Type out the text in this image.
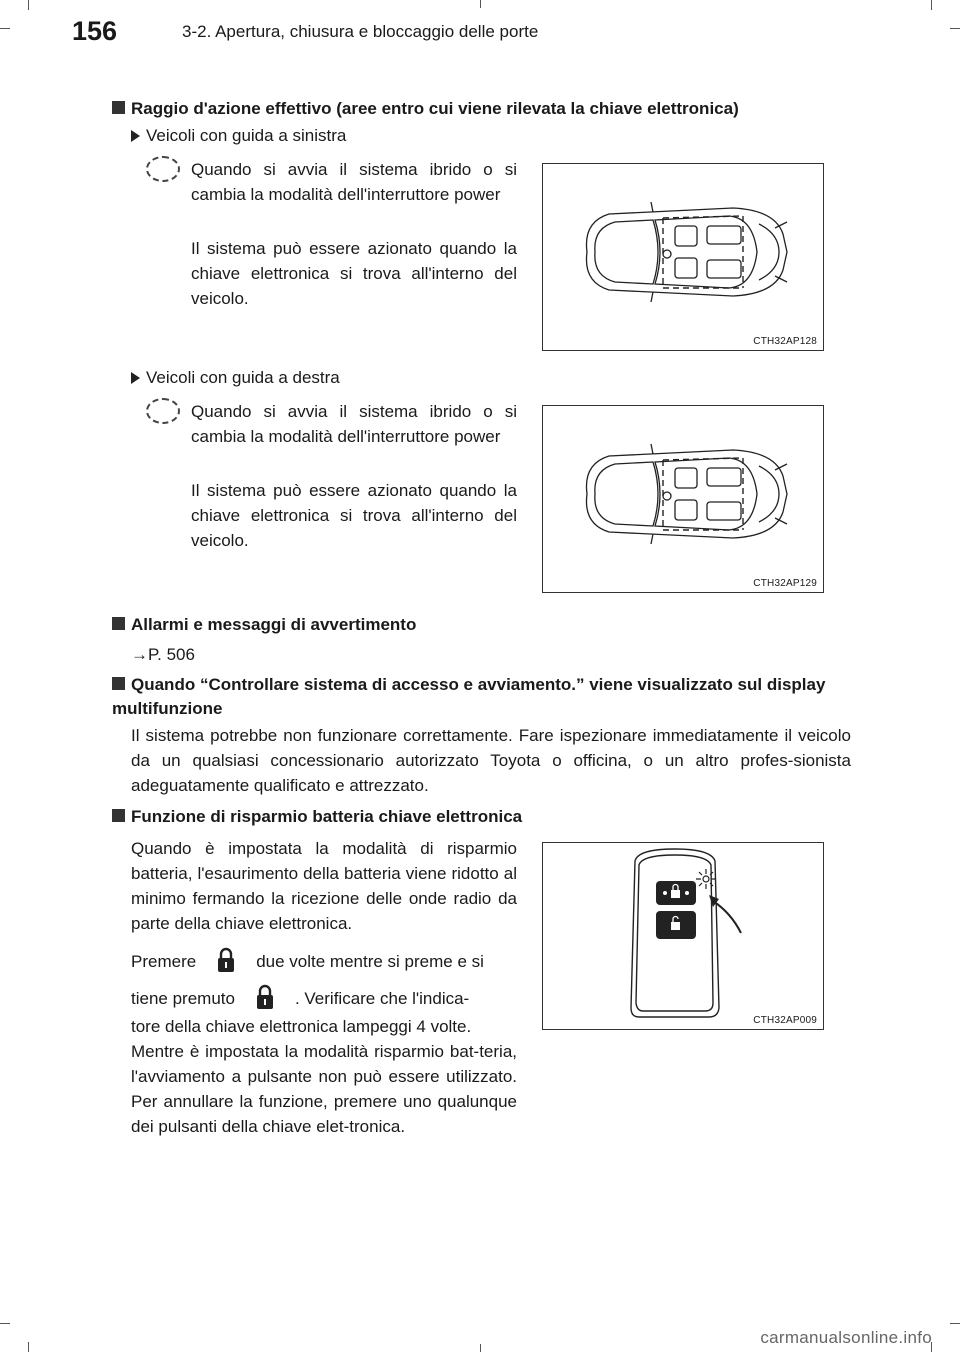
156	3-2. Apertura, chiusura e bloccaggio delle porte
Raggio d'azione effettivo (aree entro cui viene rilevata la chiave elettronica)
Veicoli con guida a sinistra
Quando si avvia il sistema ibrido o si cambia la modalità dell'interruttore power
Il sistema può essere azionato quando la chiave elettronica si trova all'interno del veicolo.
CTH32AP128
Veicoli con guida a destra
Quando si avvia il sistema ibrido o si cambia la modalità dell'interruttore power
Il sistema può essere azionato quando la chiave elettronica si trova all'interno del veicolo.
CTH32AP129
Allarmi e messaggi di avvertimento
→P. 506
Quando “Controllare sistema di accesso e avviamento.” viene visualizzato sul display multifunzione
Il sistema potrebbe non funzionare correttamente. Fare ispezionare immediatamente il veicolo da un qualsiasi concessionario autorizzato Toyota o officina, o un altro profes-sionista adeguatamente qualificato e attrezzato.
Funzione di risparmio batteria chiave elettronica
Quando è impostata la modalità di risparmio batteria, l'esaurimento della batteria viene ridotto al minimo fermando la ricezione delle onde radio da parte della chiave elettronica.
Premere	due volte mentre si preme e si
tiene premuto	. Verificare che l'indica-
tore della chiave elettronica lampeggi 4 volte.
Mentre è impostata la modalità risparmio bat-teria, l'avviamento a pulsante non può essere utilizzato. Per annullare la funzione, premere uno qualunque dei pulsanti della chiave elet-tronica.
CTH32AP009
carmanualsonline.info
